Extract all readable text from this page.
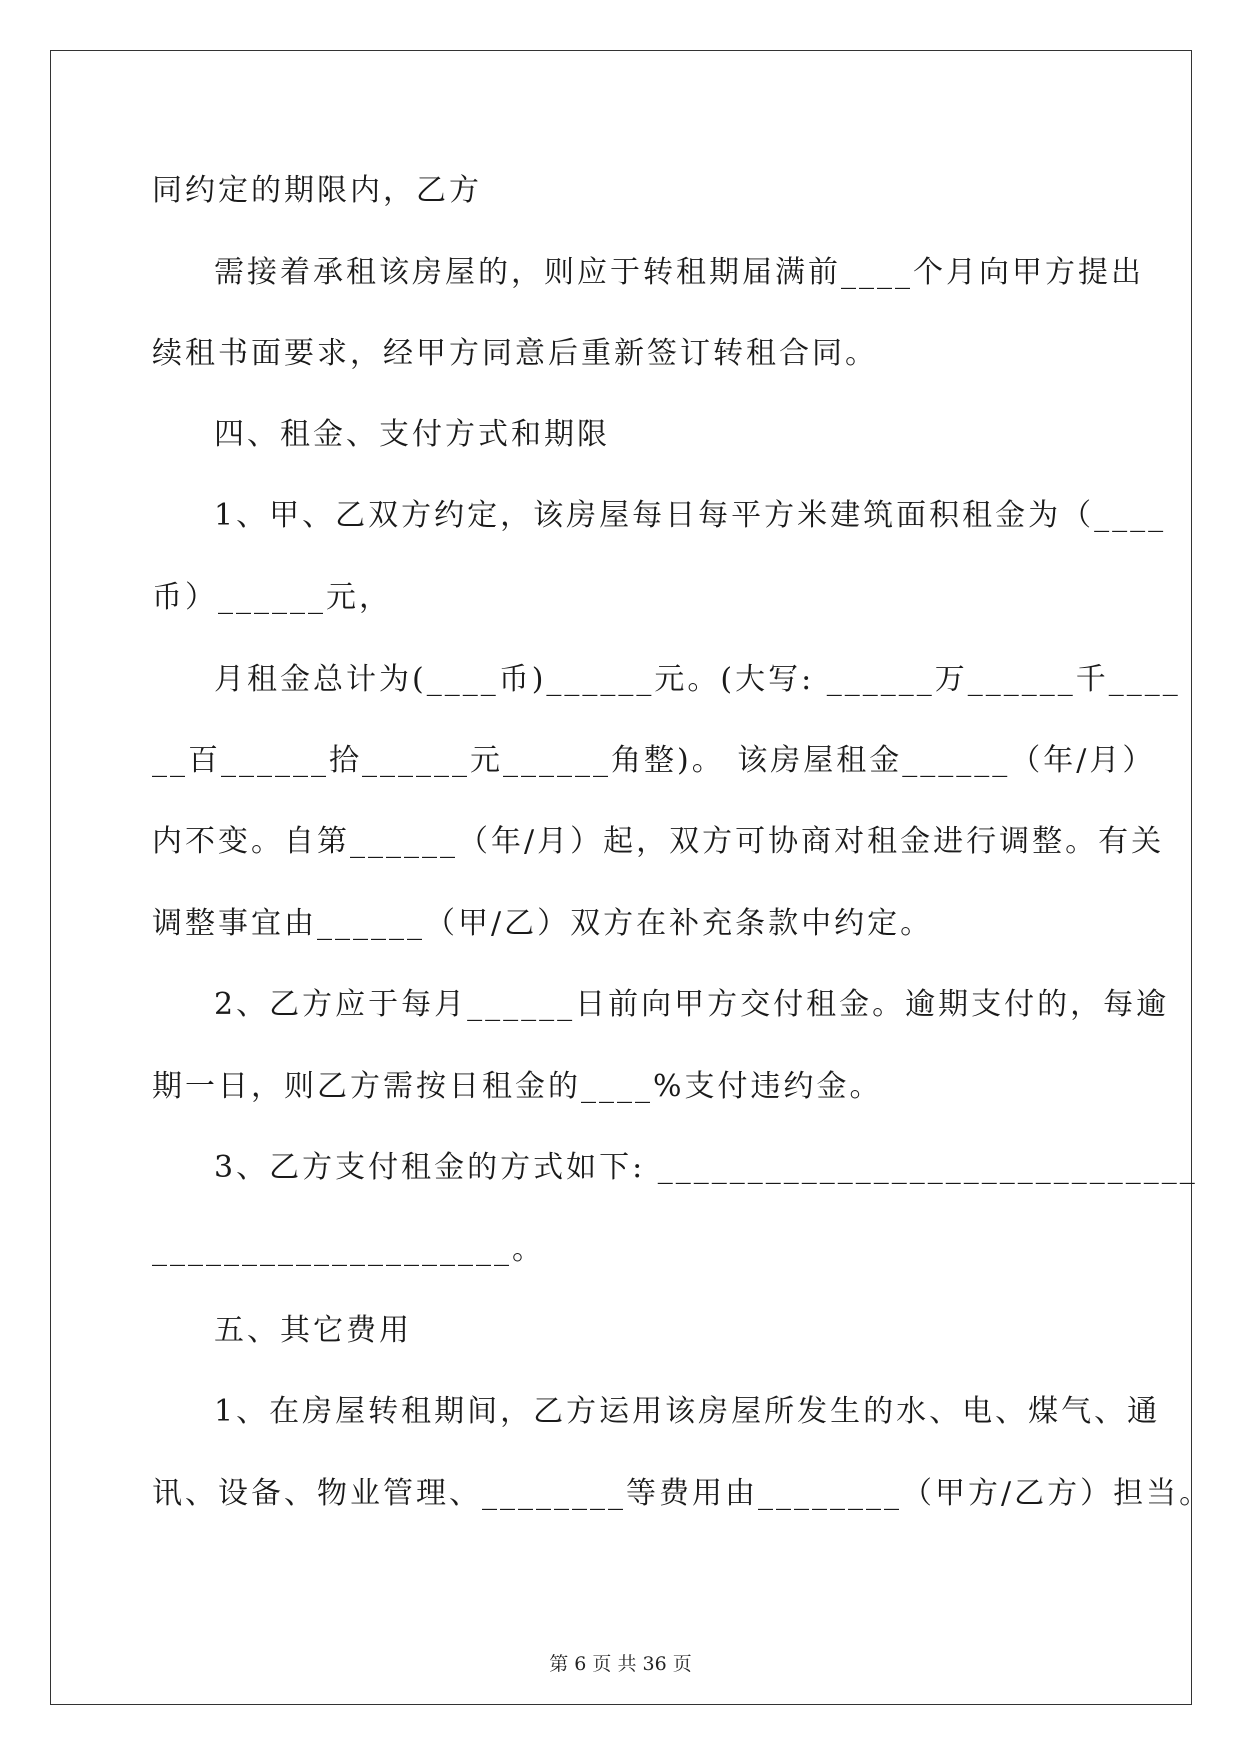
同约定的期限内，乙方
需接着承租该房屋的，则应于转租期届满前____个月向甲方提出
续租书面要求，经甲方同意后重新签订转租合同。
四、租金、支付方式和期限
1、甲、乙双方约定，该房屋每日每平方米建筑面积租金为（____
币）______元，
月租金总计为(____币)______元。(大写: ______万______千____
__百______拾______元______角整)。 该房屋租金______（年/月）
内不变。自第______（年/月）起，双方可协商对租金进行调整。有关
调整事宜由______（甲/乙）双方在补充条款中约定。
2、乙方应于每月______日前向甲方交付租金。逾期支付的，每逾
期一日，则乙方需按日租金的____%支付违约金。
3、乙方支付租金的方式如下: ______________________________
____________________。
五、其它费用
1、在房屋转租期间，乙方运用该房屋所发生的水、电、煤气、通
讯、设备、物业管理、________等费用由________（甲方/乙方）担当。
第 6 页 共 36 页
